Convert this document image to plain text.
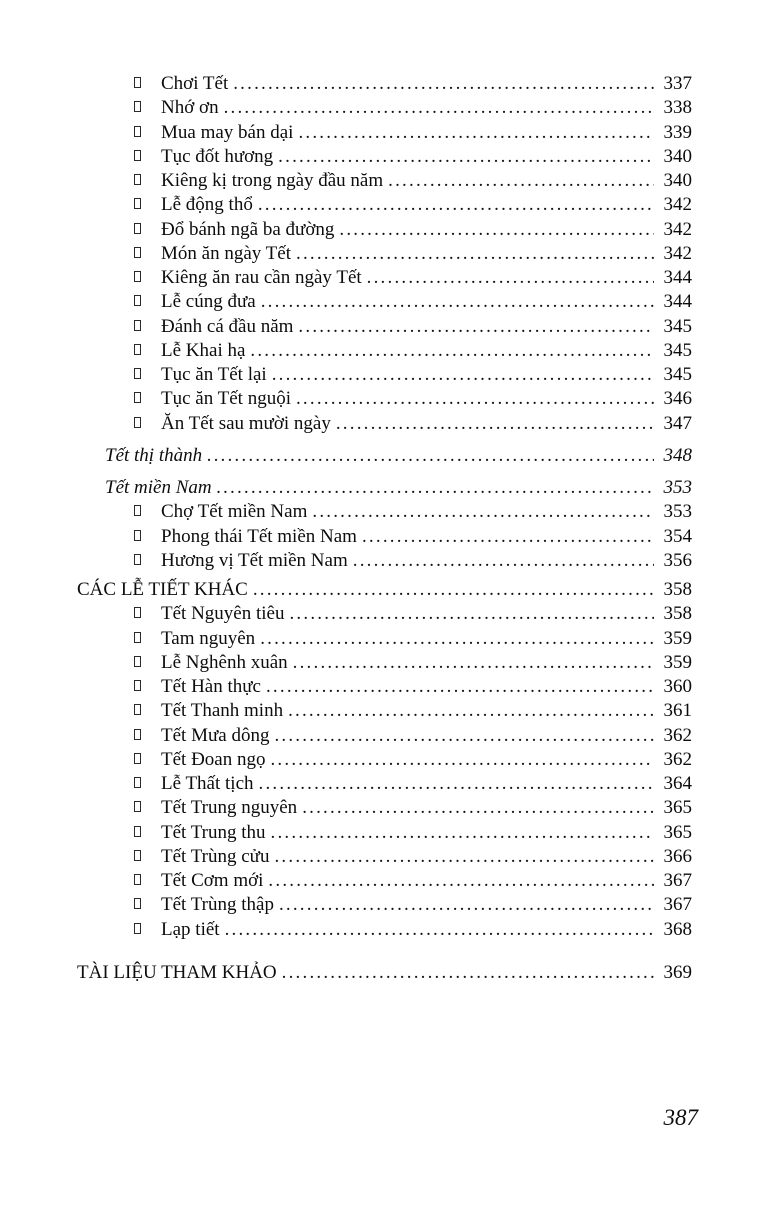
Chơi Tết .....	337
Nhớ ơn .....	338
Mua may bán dại .....	339
Tục đốt hương .....	340
Kiêng kị trong ngày đầu năm .....	340
Lễ động thổ .....	342
Đổ bánh ngã ba đường .....	342
Món ăn ngày Tết .....	342
Kiêng ăn rau cần ngày Tết .....	344
Lễ cúng đưa .....	344
Đánh cá đầu năm .....	345
Lễ Khai hạ .....	345
Tục ăn Tết lại .....	345
Tục ăn Tết nguội .....	346
Ăn Tết sau mười ngày .....	347
Tết thị thành .....	348
Tết miền Nam .....	353
Chợ Tết miền Nam .....	353
Phong thái Tết miền Nam .....	354
Hương vị Tết miền Nam .....	356
CÁC LỄ TIẾT KHÁC .....	358
Tết Nguyên tiêu .....	358
Tam nguyên .....	359
Lễ Nghênh xuân .....	359
Tết Hàn thực .....	360
Tết Thanh minh .....	361
Tết Mưa dông .....	362
Tết Đoan ngọ .....	362
Lễ Thất tịch .....	364
Tết Trung nguyên .....	365
Tết Trung thu .....	365
Tết Trùng cửu .....	366
Tết Cơm mới .....	367
Tết Trùng thập .....	367
Lạp tiết .....	368
TÀI LIỆU THAM KHẢO .....	369
387
